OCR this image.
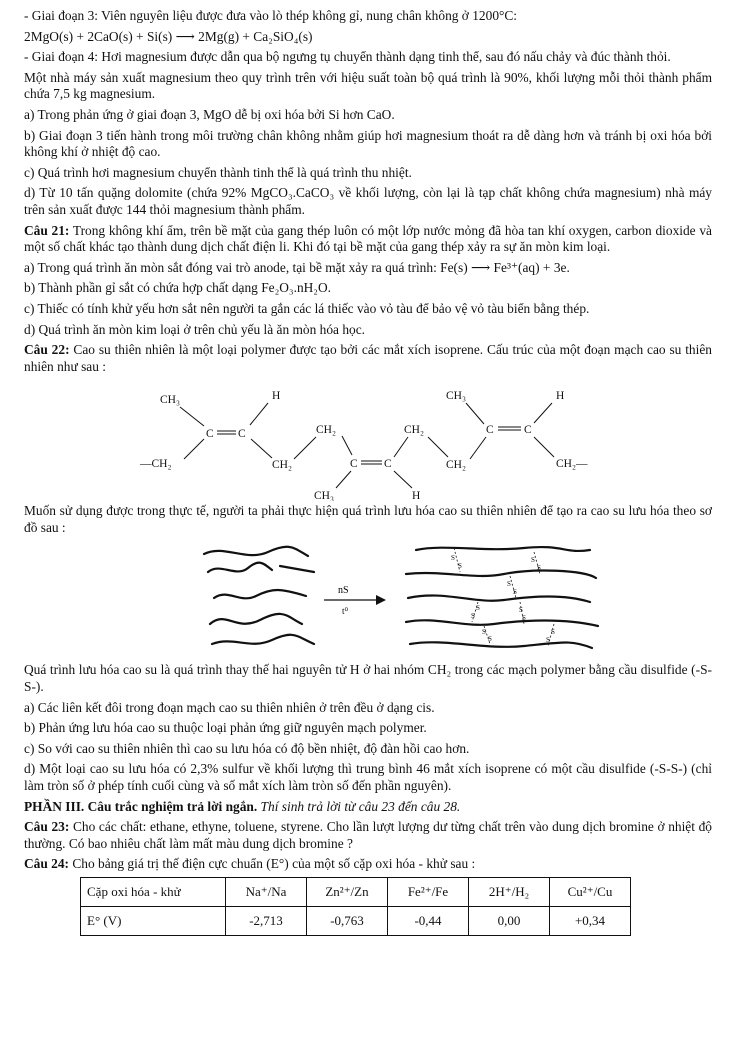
- Giai đoạn 3: Viên nguyên liệu được đưa vào lò thép không gỉ, nung chân không ở 1200°C:

2MgO(s) + 2CaO(s) + Si(s) ⟶ 2Mg(g) + Ca₂SiO₄(s)

- Giai đoạn 4: Hơi magnesium được dẫn qua bộ ngưng tụ chuyển thành dạng tinh thể, sau đó nấu chảy và đúc thành thỏi.

Một nhà máy sản xuất magnesium theo quy trình trên với hiệu suất toàn bộ quá trình là 90%, khối lượng mỗi thỏi thành phẩm chứa 7,5 kg magnesium.

a) Trong phản ứng ở giai đoạn 3, MgO dễ bị oxi hóa bởi Si hơn CaO.

b) Giai đoạn 3 tiến hành trong môi trường chân không nhằm giúp hơi magnesium thoát ra dễ dàng hơn và tránh bị oxi hóa bởi không khí ở nhiệt độ cao.

c) Quá trình hơi magnesium chuyển thành tinh thể là quá trình thu nhiệt.

d) Từ 10 tấn quặng dolomite (chứa 92% MgCO₃.CaCO₃ về khối lượng, còn lại là tạp chất không chứa magnesium) nhà máy trên sản xuất được 144 thỏi magnesium thành phẩm.

Câu 21: Trong không khí ẩm, trên bề mặt của gang thép luôn có một lớp nước mỏng đã hòa tan khí oxygen, carbon dioxide và một số chất khác tạo thành dung dịch chất điện li. Khi đó tại bề mặt của gang thép xảy ra sự ăn mòn kim loại.

a) Trong quá trình ăn mòn sắt đóng vai trò anode, tại bề mặt xảy ra quá trình: Fe(s) ⟶ Fe³⁺(aq) + 3e.

b) Thành phần gỉ sắt có chứa hợp chất dạng Fe₂O₃.nH₂O.

c) Thiếc có tính khử yếu hơn sắt nên người ta gắn các lá thiếc vào vỏ tàu để bảo vệ vỏ tàu biển bằng thép.

d) Quá trình ăn mòn kim loại ở trên chủ yếu là ăn mòn hóa học.

Câu 22: Cao su thiên nhiên là một loại polymer được tạo bởi các mắt xích isoprene. Cấu trúc của một đoạn mạch cao su thiên nhiên như sau :

CH₃	H
C C
—CH₂	CH₂
CH₂
C C
CH₃	H
CH₂
CH₂
CH₃
C	C
H
CH₂—

Muốn sử dụng được trong thực tế, người ta phải thực hiện quá trình lưu hóa cao su thiên nhiên để tạo ra cao su lưu hóa theo sơ đồ sau :

nS
t⁰
S
S
S
S
S
S
S
S
S
S
S
S
S
S

Quá trình lưu hóa cao su là quá trình thay thế hai nguyên tử H ở hai nhóm CH₂ trong các mạch polymer bằng cầu disulfide (-S-S-).

a) Các liên kết đôi trong đoạn mạch cao su thiên nhiên ở trên đều ở dạng cis.

b) Phản ứng lưu hóa cao su thuộc loại phản ứng giữ nguyên mạch polymer.

c) So với cao su thiên nhiên thì cao su lưu hóa có độ bền nhiệt, độ đàn hồi cao hơn.

d) Một loại cao su lưu hóa có 2,3% sulfur về khối lượng thì trung bình 46 mắt xích isoprene có một cầu disulfide (-S-S-) (chỉ làm tròn số ở phép tính cuối cùng và số mắt xích làm tròn số đến phần nguyên).

PHẦN III. Câu trắc nghiệm trả lời ngắn. Thí sinh trả lời từ câu 23 đến câu 28.

Câu 23: Cho các chất: ethane, ethyne, toluene, styrene. Cho lần lượt lượng dư từng chất trên vào dung dịch bromine ở nhiệt độ thường. Có bao nhiêu chất làm mất màu dung dịch bromine ?

Câu 24: Cho bảng giá trị thế điện cực chuẩn (E°) của một số cặp oxi hóa - khử sau :

Cặp oxi hóa - khử	Na⁺/Na	Zn²⁺/Zn	Fe²⁺/Fe	2H⁺/H₂	Cu²⁺/Cu
E° (V)	-2,713	-0,763	-0,44	0,00	+0,34
